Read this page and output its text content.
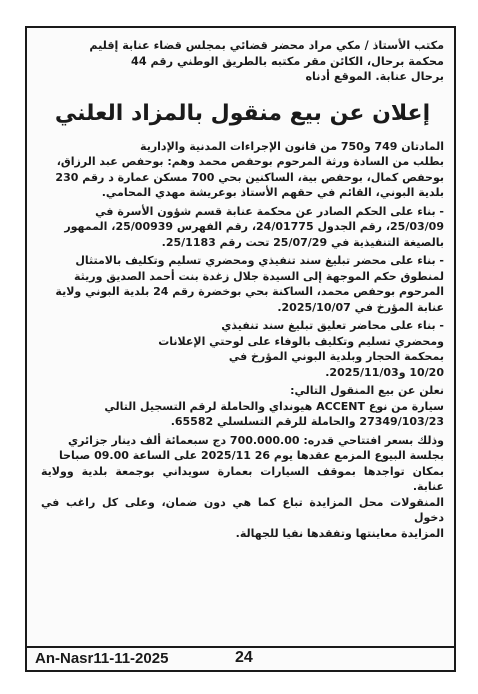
مكتب الأستاذ / مكي مراد محضر قضائي بمجلس قضاء عنابة إقليم

محكمة برحال، الكائن مقر مكتبه بالطريق الوطني رقم 44

برحال عنابة. الموقع أدناه

إعلان عن بيع منقول بالمزاد العلني

المادتان 749 و750 من قانون الإجراءات المدنية والإدارية

بطلب من السادة ورثة المرحوم بوحفص محمد وهم: بوحفص عبد الرزاق،

بوحفص كمال، بوحفص بية، الساكنين بحي 700 مسكن عمارة د رقم 230

بلدية البوني، القائم في حقهم الأستاذ بوعريشة مهدي المحامي.

- بناء على الحكم الصادر عن محكمة عنابة قسم شؤون الأسرة في

25/03/09، رقم الجدول 24/01775، رقم الفهرس 25/00939، الممهور

بالصيغة التنفيذية في 25/07/29 تحت رقم 25/1183.

- بناء على محضر تبليغ سند تنفيذي ومحضري تسليم وتكليف بالامتثال

لمنطوق حكم الموجهة إلى السيدة جلال زغدة بنت أحمد الصديق وريثة

المرحوم بوحفص محمد، الساكنة بحي بوخضرة رقم 24 بلدية البوني ولاية

عنابة المؤرخ في 2025/10/07.

- بناء على محاضر تعليق تبليغ سند تنفيذي

ومحضري تسليم وتكليف بالوفاء على لوحتي الإعلانات

بمحكمة الحجار وبلدية البوني المؤرخ في

10/20 و2025/11/03.

نعلن عن بيع المنقول التالي:

سيارة من نوع ACCENT هيونداي والحاملة لرقم التسجيل التالي

27349/103/23 والحاملة للرقم التسلسلي 65582.

وذلك بسعر افتتاحي قدره: 700.000.00 دج سبعمائة ألف دينار جزائري

بجلسة البيوع المزمع عقدها يوم 26 2025/11 على الساعة 09.00 صباحا

بمكان تواجدها بموقف السيارات بعمارة سويداني بوجمعة بلدية وولاية عنابة.

المنقولات محل المزايدة تباع كما هي دون ضمان، وعلى كل راغب في دخول

المزايدة معاينتها وتفقدها نفيا للجهالة.

An-Nasr11-11-2025	24
